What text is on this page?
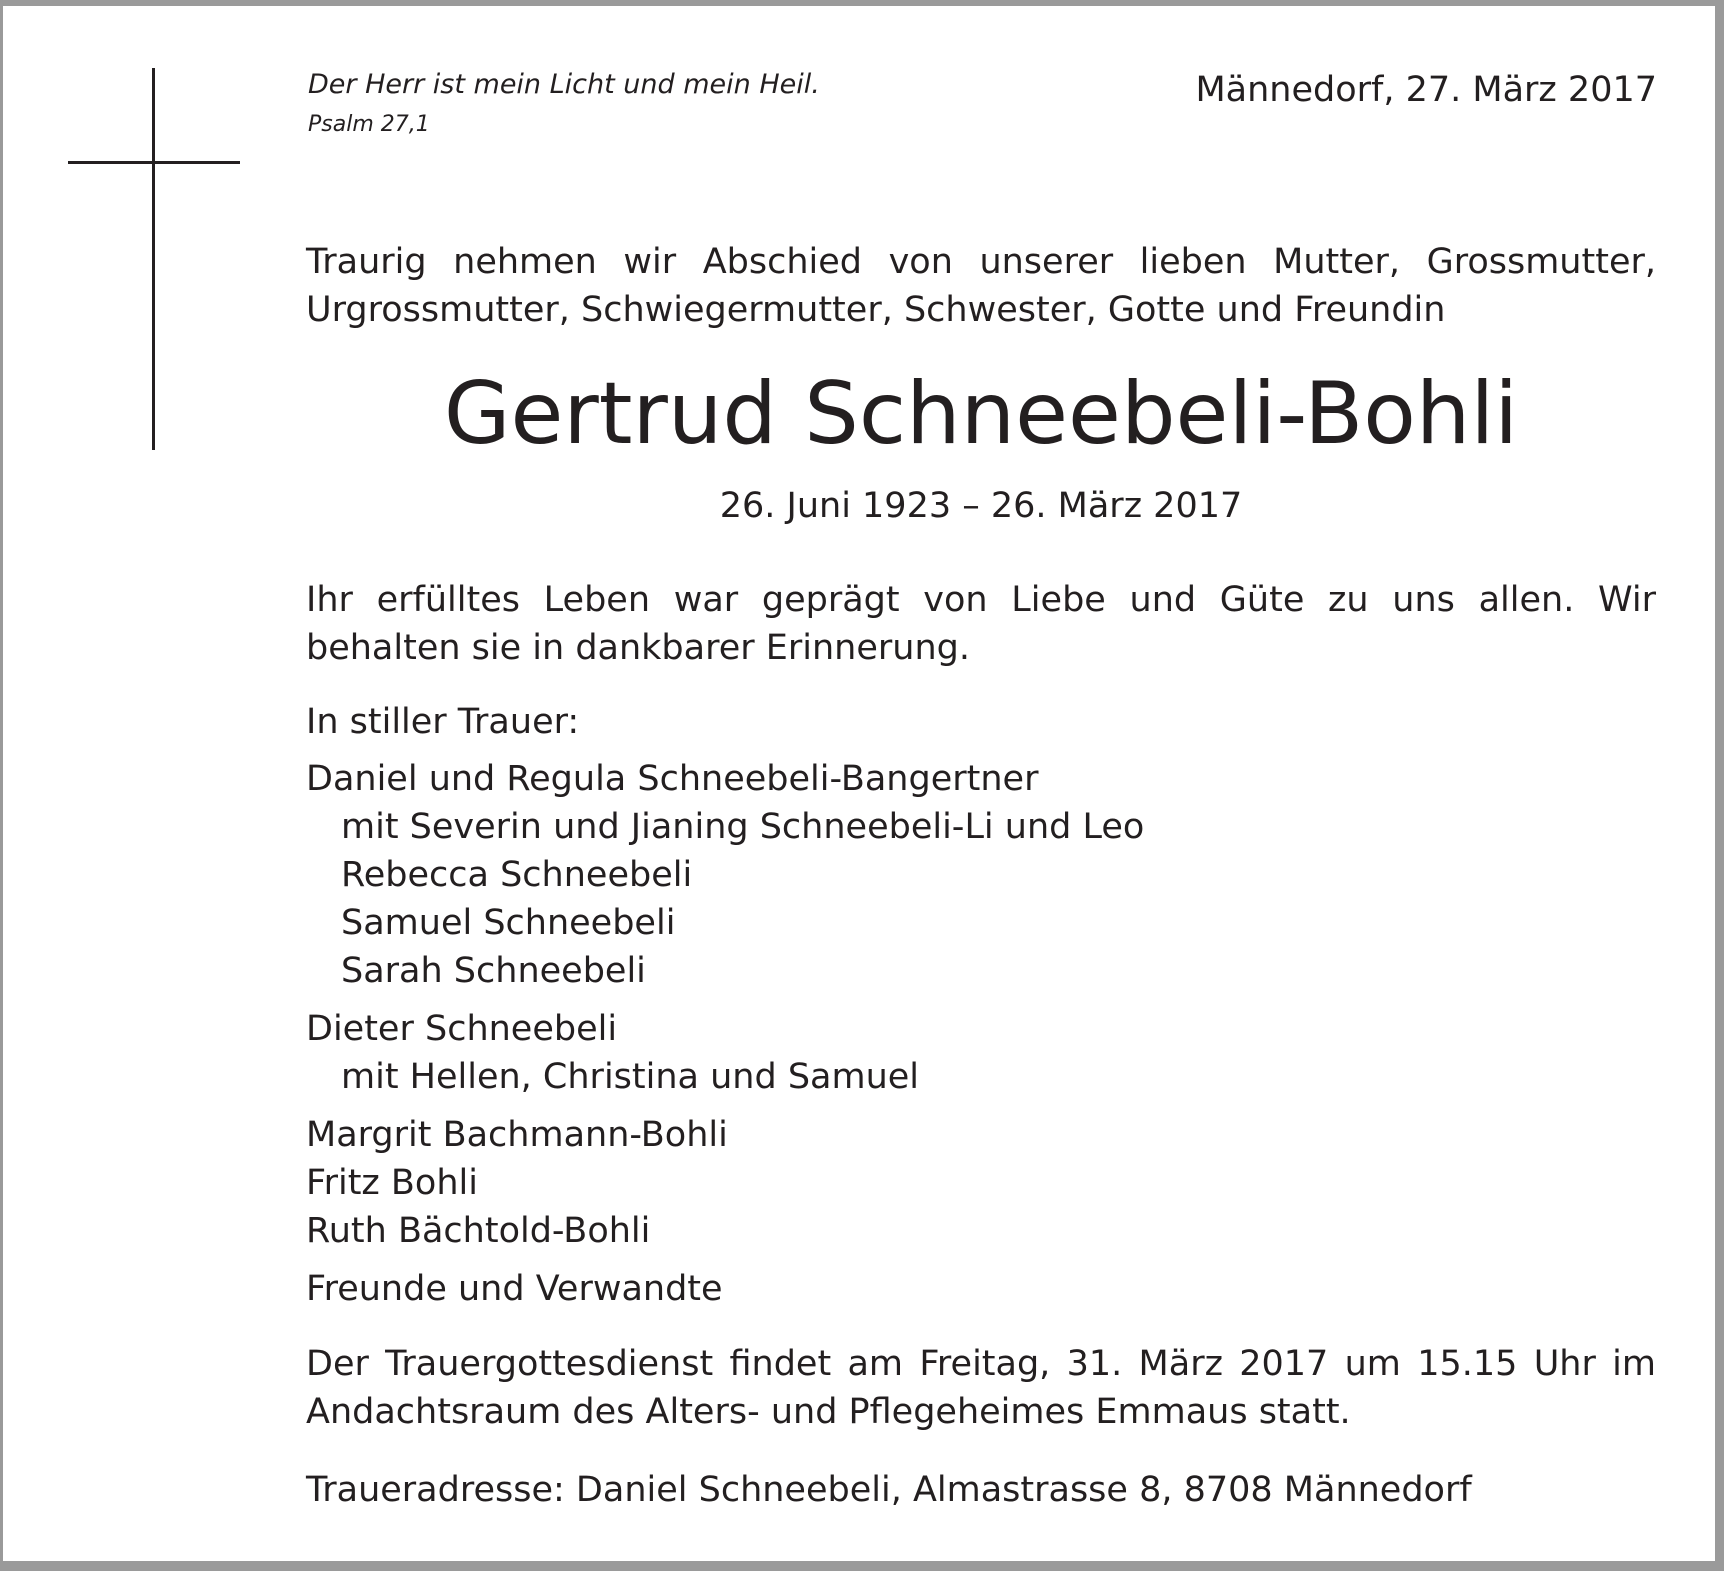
Der Herr ist mein Licht und mein Heil.
Psalm 27,1
Männedorf, 27. März 2017
Traurig nehmen wir Abschied von unserer lieben Mutter, Grossmutter,
Urgrossmutter, Schwiegermutter, Schwester, Gotte und Freundin
Gertrud Schneebeli-Bohli
26. Juni 1923 – 26. März 2017
Ihr erfülltes Leben war geprägt von Liebe und Güte zu uns allen. Wir
behalten sie in dankbarer Erinnerung.
In stiller Trauer:
Daniel und Regula Schneebeli-Bangertner
mit Severin und Jianing Schneebeli-Li und Leo
Rebecca Schneebeli
Samuel Schneebeli
Sarah Schneebeli
Dieter Schneebeli
mit Hellen, Christina und Samuel
Margrit Bachmann-Bohli
Fritz Bohli
Ruth Bächtold-Bohli
Freunde und Verwandte
Der Trauergottesdienst findet am Freitag, 31. März 2017 um 15.15 Uhr im
Andachtsraum des Alters- und Pflegeheimes Emmaus statt.
Traueradresse: Daniel Schneebeli, Almastrasse 8, 8708 Männedorf
